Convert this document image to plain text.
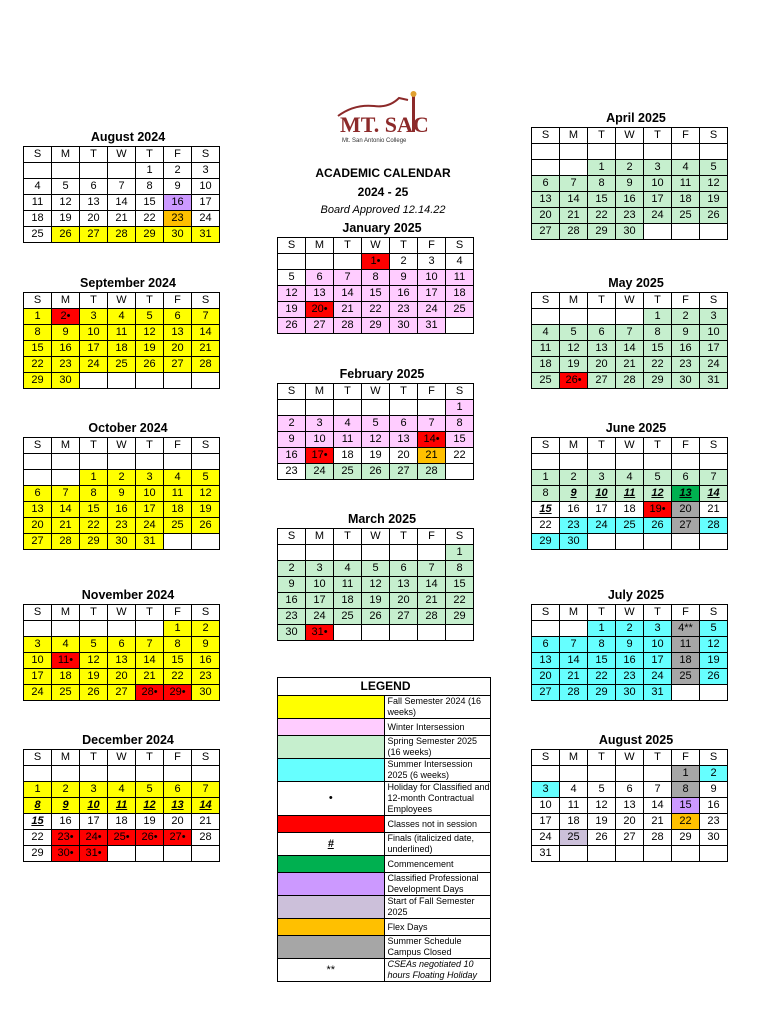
MT. SAC
Mt. San Antonio College
ACADEMIC CALENDAR
2024 - 25
Board Approved 12.14.22
August 2024
S	M	T	W	T	F	S
				1	2	3
4	5	6	7	8	9	10
11	12	13	14	15	16	17
18	19	20	21	22	23	24
25	26	27	28	29	30	31
September 2024
S	M	T	W	T	F	S
1	2•	3	4	5	6	7
8	9	10	11	12	13	14
15	16	17	18	19	20	21
22	23	24	25	26	27	28
29	30					
October 2024
S	M	T	W	T	F	S

		1	2	3	4	5
6	7	8	9	10	11	12
13	14	15	16	17	18	19
20	21	22	23	24	25	26
27	28	29	30	31		
November 2024
S	M	T	W	T	F	S
					1	2
3	4	5	6	7	8	9
10	11•	12	13	14	15	16
17	18	19	20	21	22	23
24	25	26	27	28•	29•	30
December 2024
S	M	T	W	T	F	S

1	2	3	4	5	6	7
8	9	10	11	12	13	14
15	16	17	18	19	20	21
22	23•	24•	25•	26•	27•	28
29	30•	31•				
January 2025
S	M	T	W	T	F	S
			1•	2	3	4
5	6	7	8	9	10	11
12	13	14	15	16	17	18
19	20•	21	22	23	24	25
26	27	28	29	30	31	
February 2025
S	M	T	W	T	F	S
						1
2	3	4	5	6	7	8
9	10	11	12	13	14•	15
16	17•	18	19	20	21	22
23	24	25	26	27	28	
March 2025
S	M	T	W	T	F	S
						1
2	3	4	5	6	7	8
9	10	11	12	13	14	15
16	17	18	19	20	21	22
23	24	25	26	27	28	29
30	31•					
April 2025
S	M	T	W	T	F	S

		1	2	3	4	5
6	7	8	9	10	11	12
13	14	15	16	17	18	19
20	21	22	23	24	25	26
27	28	29	30			
May 2025
S	M	T	W	T	F	S
				1	2	3
4	5	6	7	8	9	10
11	12	13	14	15	16	17
18	19	20	21	22	23	24
25	26•	27	28	29	30	31
June 2025
S	M	T	W	T	F	S

1	2	3	4	5	6	7
8	9	10	11	12	13	14
15	16	17	18	19•	20	21
22	23	24	25	26	27	28
29	30					
July 2025
S	M	T	W	T	F	S
		1	2	3	4**	5
6	7	8	9	10	11	12
13	14	15	16	17	18	19
20	21	22	23	24	25	26
27	28	29	30	31		
August 2025
S	M	T	W	T	F	S
					1	2
3	4	5	6	7	8	9
10	11	12	13	14	15	16
17	18	19	20	21	22	23
24	25	26	27	28	29	30
31						
LEGEND	
	Fall Semester 2024 (16 weeks)
	Winter Intersession
	Spring Semester 2025 (16 weeks)
	Summer Intersession 2025 (6 weeks)
•	Holiday for Classified and 12-month Contractual Employees
	Classes not in session
#	Finals (italicized date, underlined)
	Commencement
	Classified Professional Development Days
	Start of Fall Semester 2025
	Flex Days
	Summer Schedule Campus Closed
**	CSEAs negotiated 10 hours Floating Holiday
